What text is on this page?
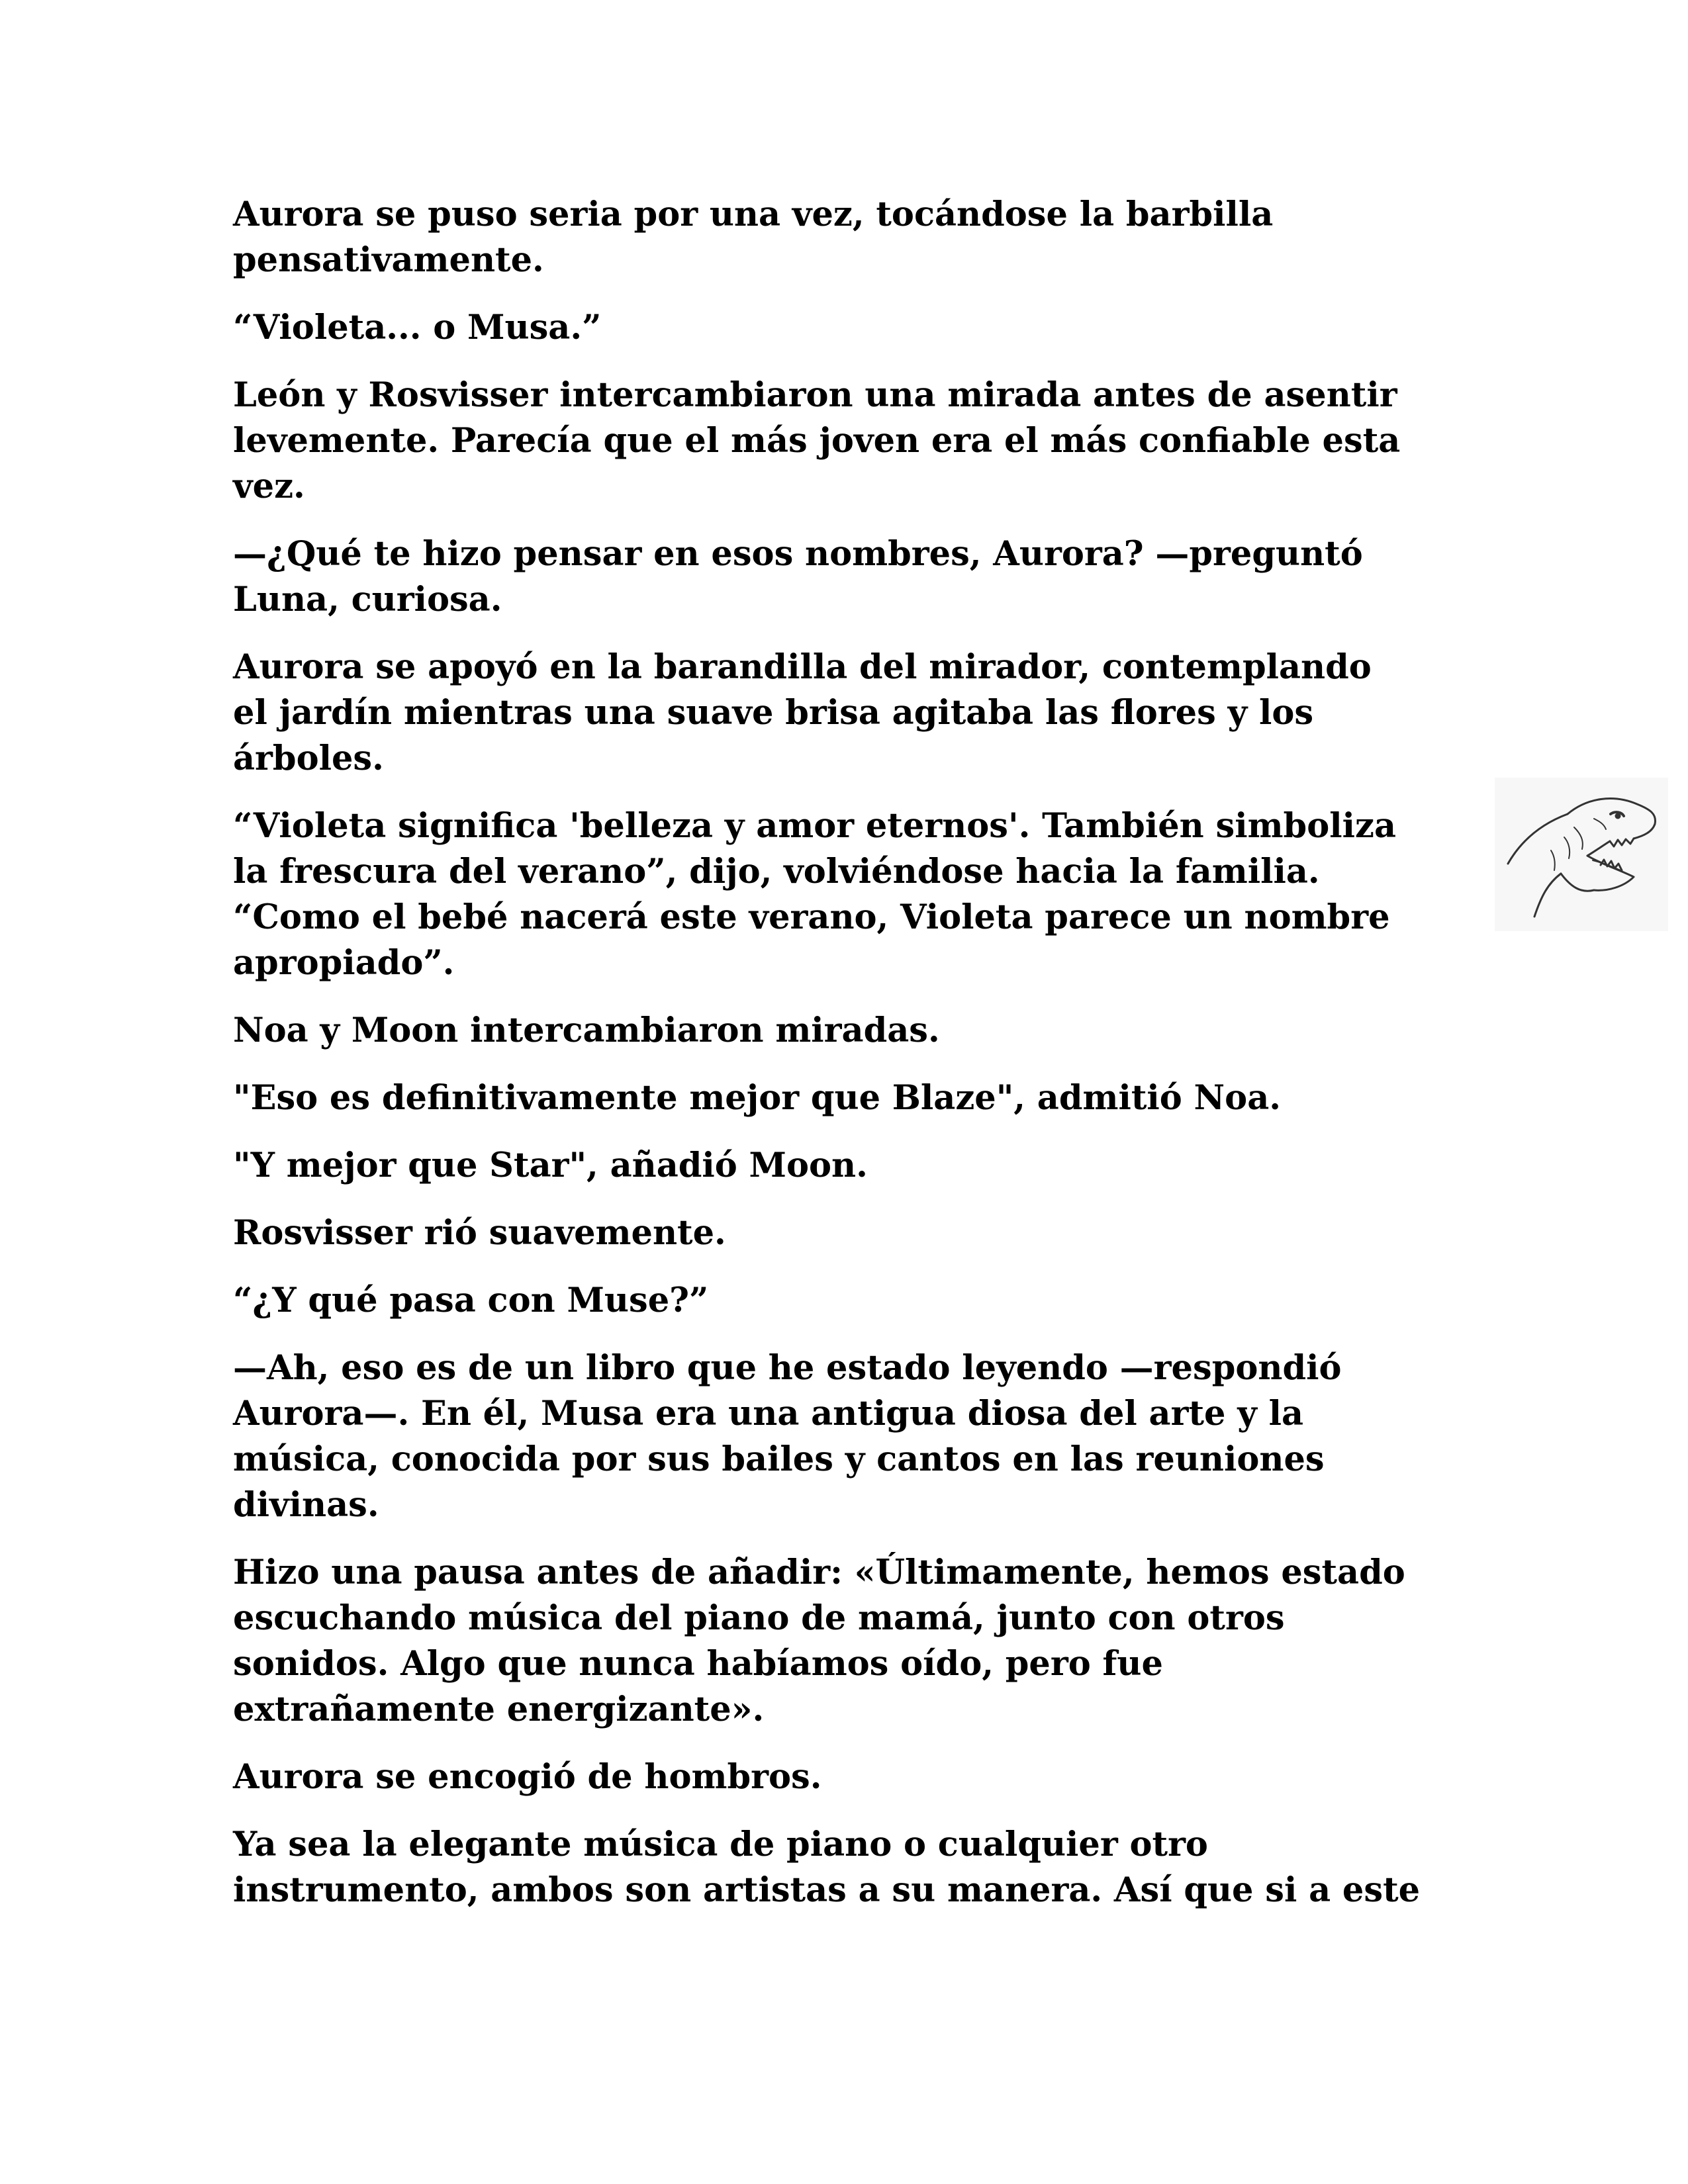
Aurora se puso seria por una vez, tocándose la barbilla
pensativamente.

“Violeta... o Musa.”

León y Rosvisser intercambiaron una mirada antes de asentir
levemente. Parecía que el más joven era el más confiable esta
vez.

—¿Qué te hizo pensar en esos nombres, Aurora? —preguntó
Luna, curiosa.

Aurora se apoyó en la barandilla del mirador, contemplando
el jardín mientras una suave brisa agitaba las flores y los
árboles.

“Violeta significa 'belleza y amor eternos'. También simboliza
la frescura del verano”, dijo, volviéndose hacia la familia.
“Como el bebé nacerá este verano, Violeta parece un nombre
apropiado”.

Noa y Moon intercambiaron miradas.

"Eso es definitivamente mejor que Blaze", admitió Noa.

"Y mejor que Star", añadió Moon.

Rosvisser rió suavemente.

“¿Y qué pasa con Muse?”

—Ah, eso es de un libro que he estado leyendo —respondió
Aurora—. En él, Musa era una antigua diosa del arte y la
música, conocida por sus bailes y cantos en las reuniones
divinas.

Hizo una pausa antes de añadir: «Últimamente, hemos estado
escuchando música del piano de mamá, junto con otros
sonidos. Algo que nunca habíamos oído, pero fue
extrañamente energizante».

Aurora se encogió de hombros.

Ya sea la elegante música de piano o cualquier otro
instrumento, ambos son artistas a su manera. Así que si a este
